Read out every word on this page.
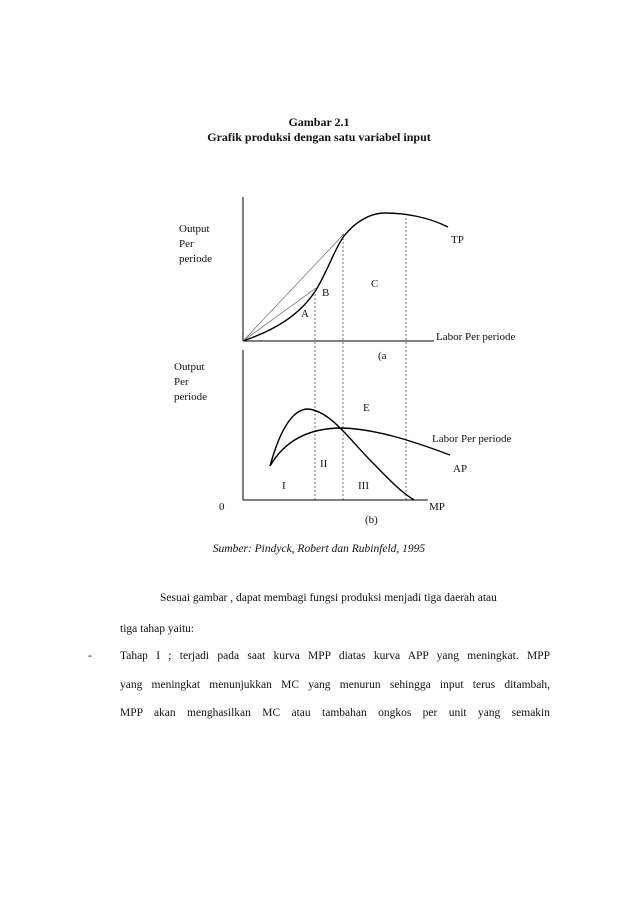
Gambar 2.1
Grafik produksi dengan satu variabel input
Output
Per
periode
TP
A
B
C
Labor Per periode
(a
Output
Per
periode
E
Labor Per periode
II	AP
I	III
0	MP
(b)
Sumber: Pindyck, Robert dan Rubinfeld, 1995
Sesuai gambar , dapat membagi fungsi produksi menjadi tiga daerah atau
tiga tahap yaitu:
- Tahap I ; terjadi pada saat kurva MPP diatas kurva APP yang meningkat. MPP
yang meningkat menunjukkan MC yang menurun sehingga input terus ditambah,
MPP akan menghasilkan MC atau tambahan ongkos per unit yang semakin
